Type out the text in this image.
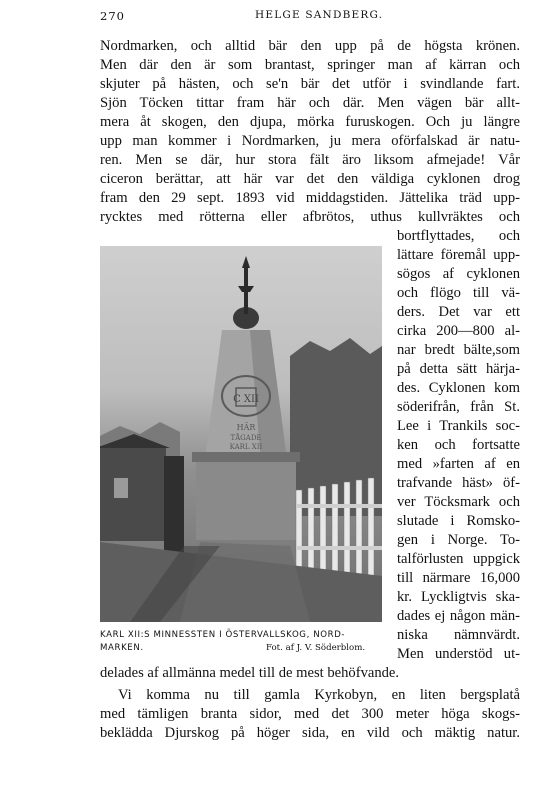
270	HELGE SANDBERG.
Nordmarken, och alltid bär den upp på de högsta krönen.
Men där den är som brantast, springer man af kärran och
skjuter på hästen, och se'n bär det utför i svindlande fart.
Sjön Töcken tittar fram här och där. Men vägen bär allt-
mera åt skogen, den djupa, mörka furuskogen. Och ju längre
upp man kommer i Nordmarken, ju mera oförfalskad är natu-
ren. Men se där, hur stora fält äro liksom afmejade! Vår
ciceron berättar, att här var det den väldiga cyklonen drog
fram den 29 sept. 1893 vid middagstiden. Jättelika träd upp-
rycktes med rötterna eller afbrötos, uthus kullvräktes och
C XII
HÄR
TÅGADE
KARL XII
KARL XII:S MINNESSTEN I ÖSTERVALLSKOG, NORD-
MARKEN.	Fot. af J. V. Söderblom.
bortflyttades, och
lättare föremål upp-
sögos af cyklonen
och flögo till vä-
ders. Det var ett
cirka 200—800 al-
nar bredt bälte,som
på detta sätt härja-
des. Cyklonen kom
söderifrån, från St.
Lee i Trankils soc-
ken och fortsatte
med »farten af en
trafvande häst» öf-
ver Töcksmark och
slutade i Romsko-
gen i Norge. To-
talförlusten uppgick
till närmare 16,000
kr. Lyckligtvis ska-
dades ej någon män-
niska nämnvärdt.
Men understöd ut-
delades af allmänna medel till de mest behöfvande.
Vi komma nu till gamla Kyrkobyn, en liten bergsplatå
med tämligen branta sidor, med det 300 meter höga skogs-
beklädda Djurskog på höger sida, en vild och mäktig natur.
